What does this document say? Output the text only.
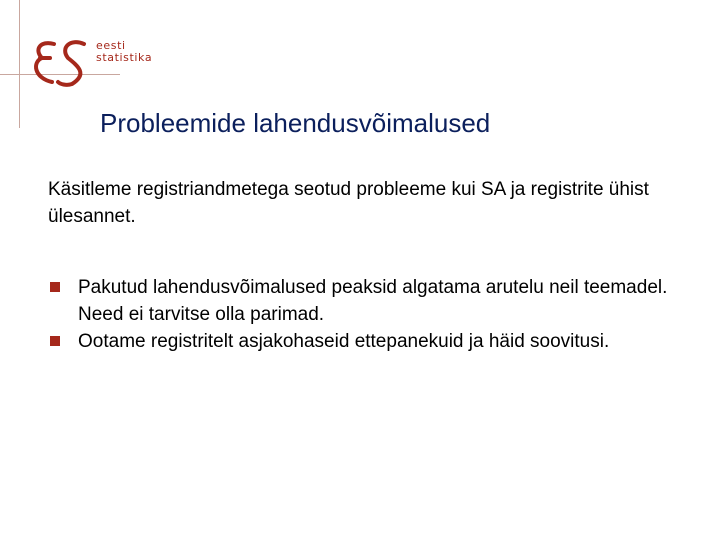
eesti
statistika
Probleemide lahendusvõimalused

Käsitleme registriandmetega seotud probleeme kui SA ja registrite ühist ülesannet.

Pakutud lahendusvõimalused peaksid algatama arutelu neil teemadel. Need ei tarvitse olla parimad.
Ootame registritelt asjakohaseid ettepanekuid ja häid soovitusi.
